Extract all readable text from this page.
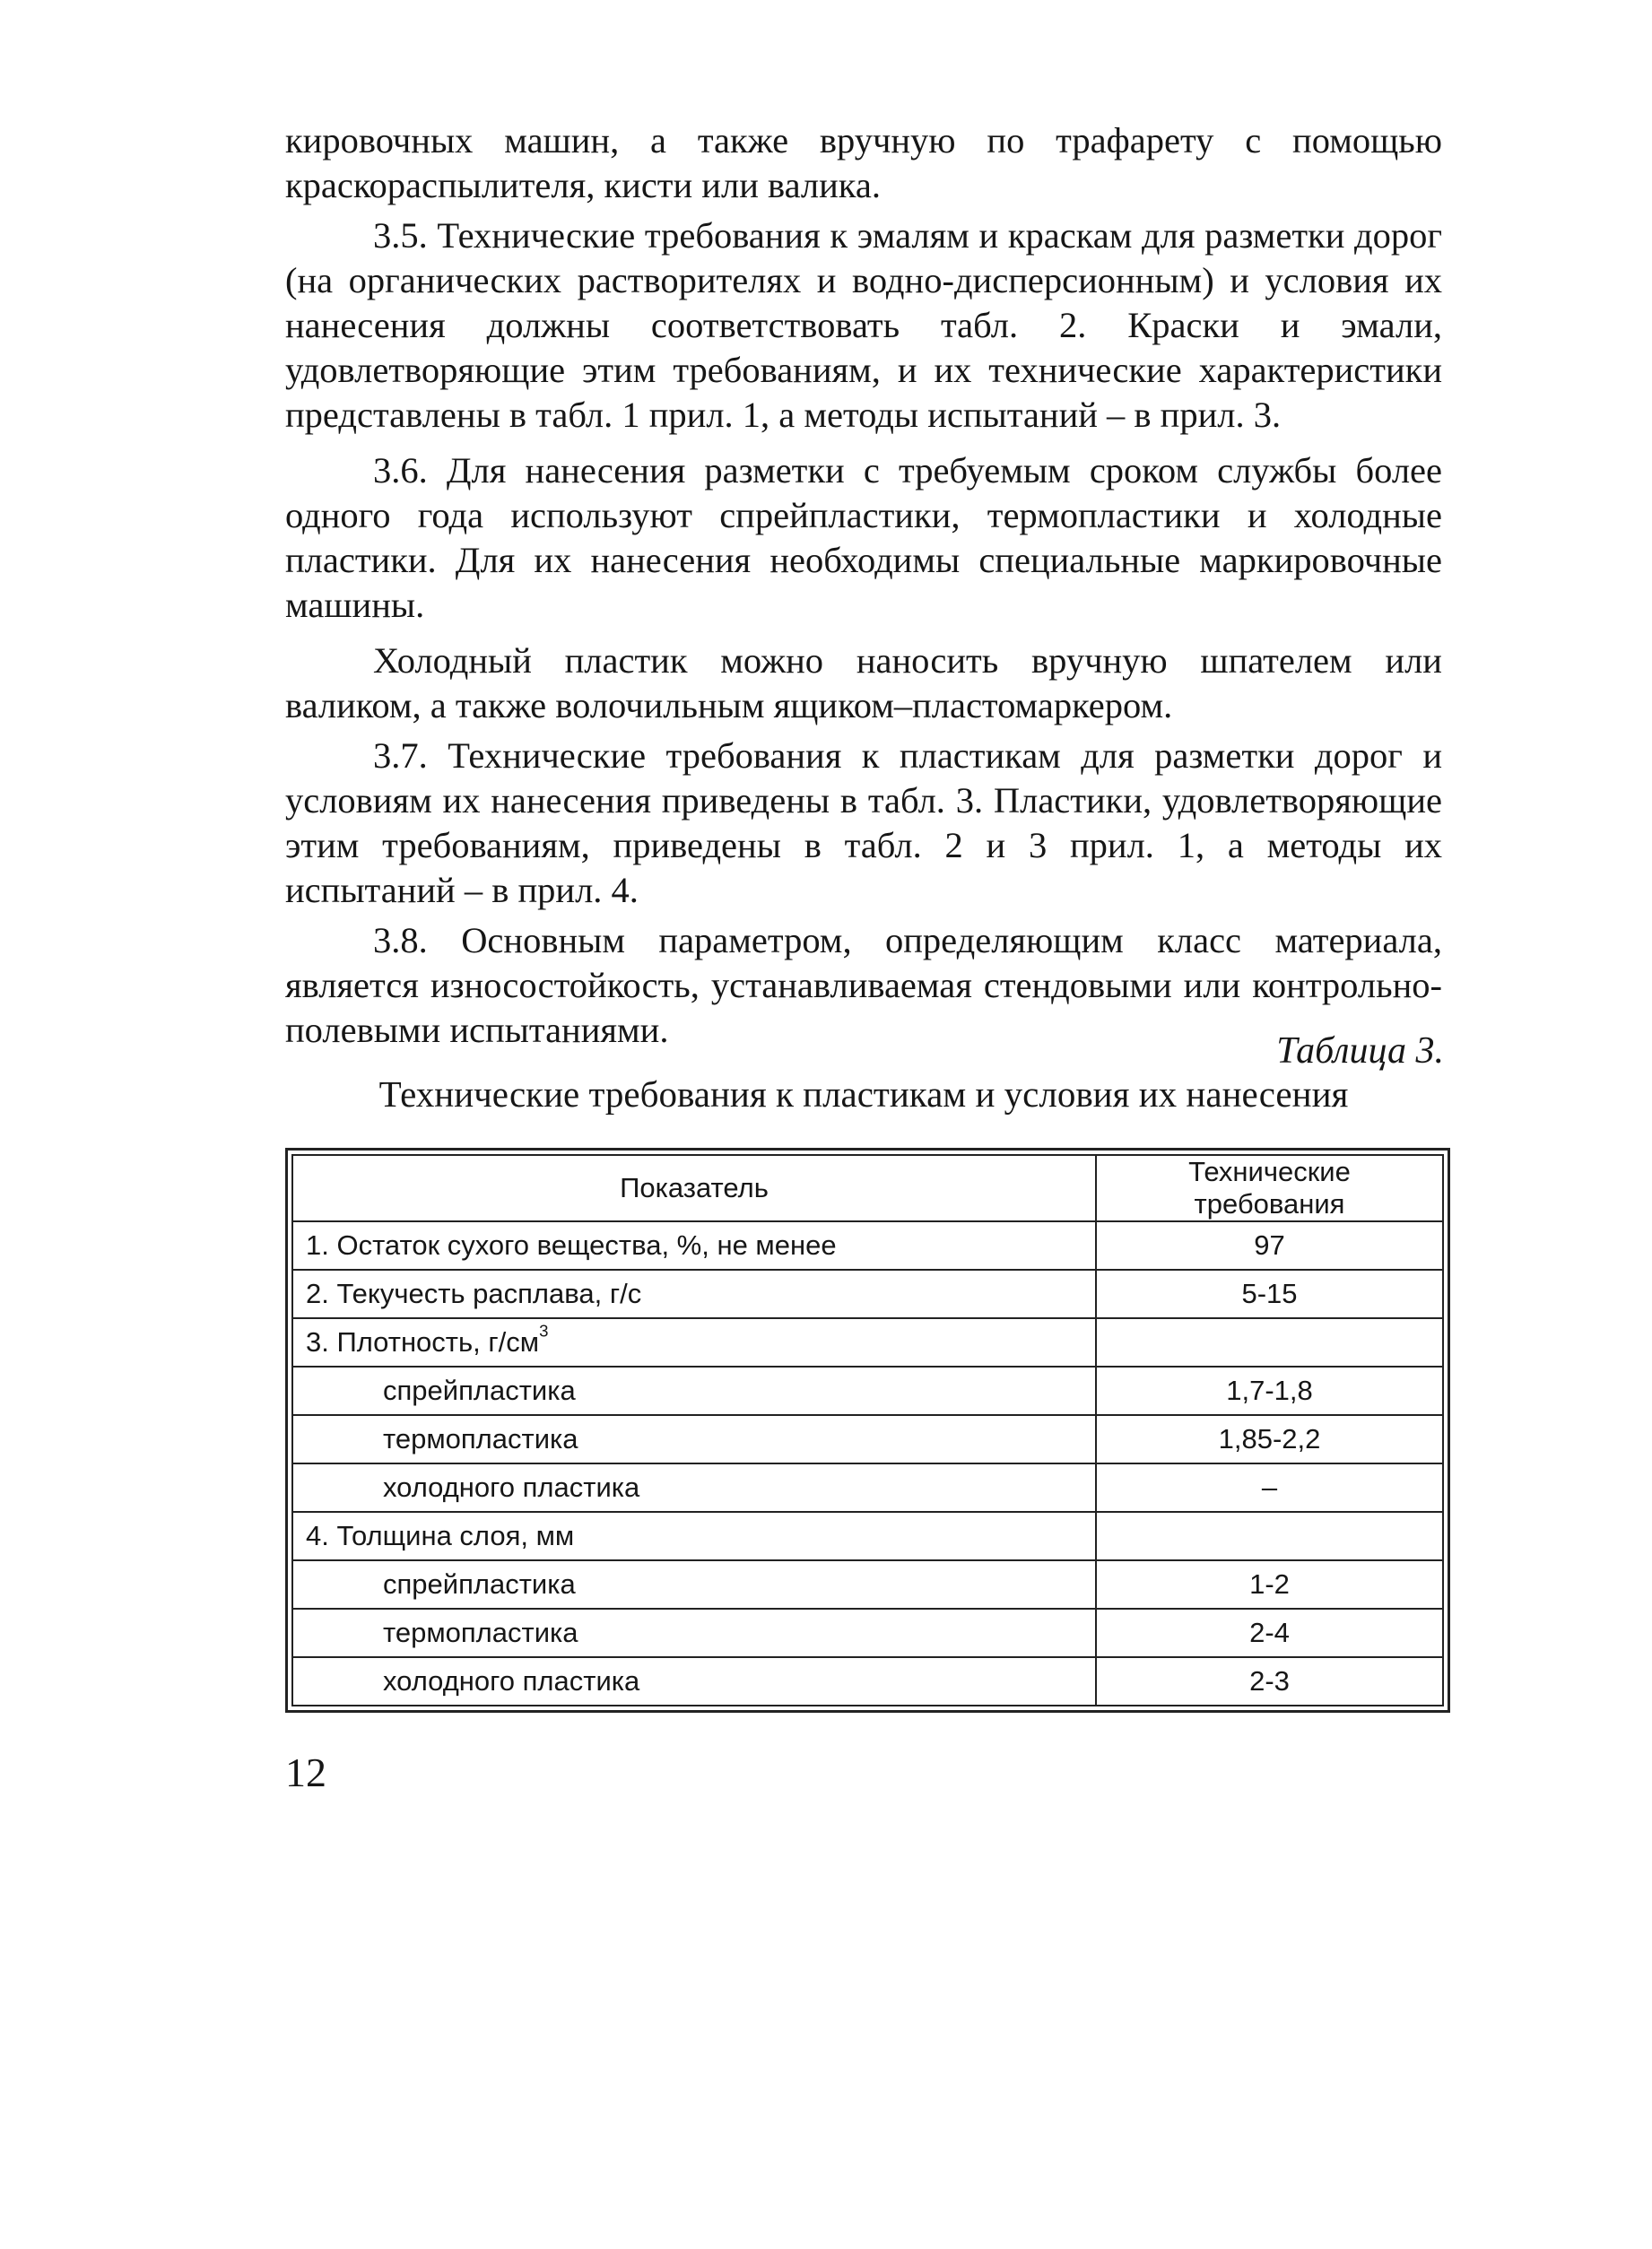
кировочных машин, а также вручную по трафарету с помощью краскораспылителя, кисти или валика.

3.5. Технические требования к эмалям и краскам для разметки дорог (на органических растворителях и водно-дисперсионным) и условия их нанесения должны соответствовать табл. 2. Краски и эмали, удовлетворяющие этим требованиям, и их технические характеристики представлены в табл. 1 прил. 1, а методы испытаний – в прил. 3.

3.6. Для нанесения разметки с требуемым сроком службы более одного года используют спрейпластики, термопластики и холодные пластики. Для их нанесения необходимы специальные маркировочные машины.

Холодный пластик можно наносить вручную шпателем или валиком, а также волочильным ящиком–пластомаркером.

3.7. Технические требования к пластикам для разметки дорог и условиям их нанесения приведены в табл. 3. Пластики, удовлетворяющие этим требованиям, приведены в табл. 2 и 3 прил. 1, а методы их испытаний – в прил. 4.

3.8. Основным параметром, определяющим класс материала, является износостойкость, устанавливаемая стендовыми или контрольно-полевыми испытаниями.

Таблица 3.
Технические требования к пластикам и условия их нанесения
Показатель	Технические требования
1. Остаток сухого вещества, %, не менее	97
2. Текучесть расплава, г/с	5-15
3. Плотность, $г/см^3$	
спрейпластика	1,7-1,8
термопластика	1,85-2,2
холодного пластика	–
4. Толщина слоя, мм	
спрейпластика	1-2
термопластика	2-4
холодного пластика	2-3
12
